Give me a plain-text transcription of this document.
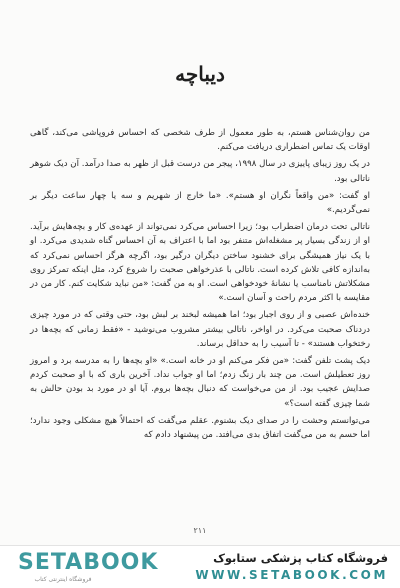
دیباچه

من روان‌شناس هستم، به طور معمول از طرف شخصی که احساس فروپاشی می‌کند، گاهی اوقات یک تماس اضطراری دریافت می‌کنم.

در یک روز زیبای پاییزی در سال ۱۹۹۸، پیجر من درست قبل از ظهر به صدا درآمد. آن دیک شوهر ناتالی بود.

او گفت: «من واقعاً نگران او هستم». «ما خارج از شهریم و سه یا چهار ساعت دیگر بر نمی‌گردیم.»

ناتالی تحت درمان اضطراب بود؛ زیرا احساس می‌کرد نمی‌تواند از عهده‌ی کار و بچه‌هایش برآید. او از زندگی بسیار پر مشغله‌اش متنفر بود اما با اعتراف به آن احساس گناه شدیدی می‌کرد. او با یک نیاز همیشگی برای خشنود ساختن دیگران درگیر بود، اگرچه هرگز احساس نمی‌کرد که به‌اندازه کافی تلاش کرده است. ناتالی با عذرخواهی صحبت را شروع کرد، مثل اینکه تمرکز روی مشکلاتش نامناسب یا نشانهٔ خودخواهی است. او به من گفت: «من نباید شکایت کنم. کار من در مقایسه با اکثر مردم راحت و آسان است.»

خنده‌اش عصبی و از روی اجبار بود؛ اما همیشه لبخند بر لبش بود، حتی وقتی که در مورد چیزی دردناک صحبت می‌کرد. در اواخر، ناتالی بیشتر مشروب می‌نوشید - «فقط زمانی که بچه‌ها در رختخواب هستند» - تا آسیب را به حداقل برساند.

دیک پشت تلفن گفت: «من فکر می‌کنم او در خانه است.» «او بچه‌ها را به مدرسه برد و امروز روز تعطیلش است. من چند بار زنگ زدم؛ اما او جواب نداد. آخرین باری که با او صحبت کردم صدایش عجیب بود. از من می‌خواست که دنبال بچه‌ها بروم. آیا او در مورد بد بودن حالش به شما چیزی گفته است؟»

می‌توانستم وحشت را در صدای دیک بشنوم. عقلم می‌گفت که احتمالاً هیچ مشکلی وجود ندارد؛ اما حسم به من می‌گفت اتفاق بدی می‌افتد. من پیشنهاد دادم که

۲۱۱
SETABOOK
فروشگاه اینترنتی کتاب
فروشگاه کتاب پزشکی ستابوک
WWW.SETABOOK.COM
